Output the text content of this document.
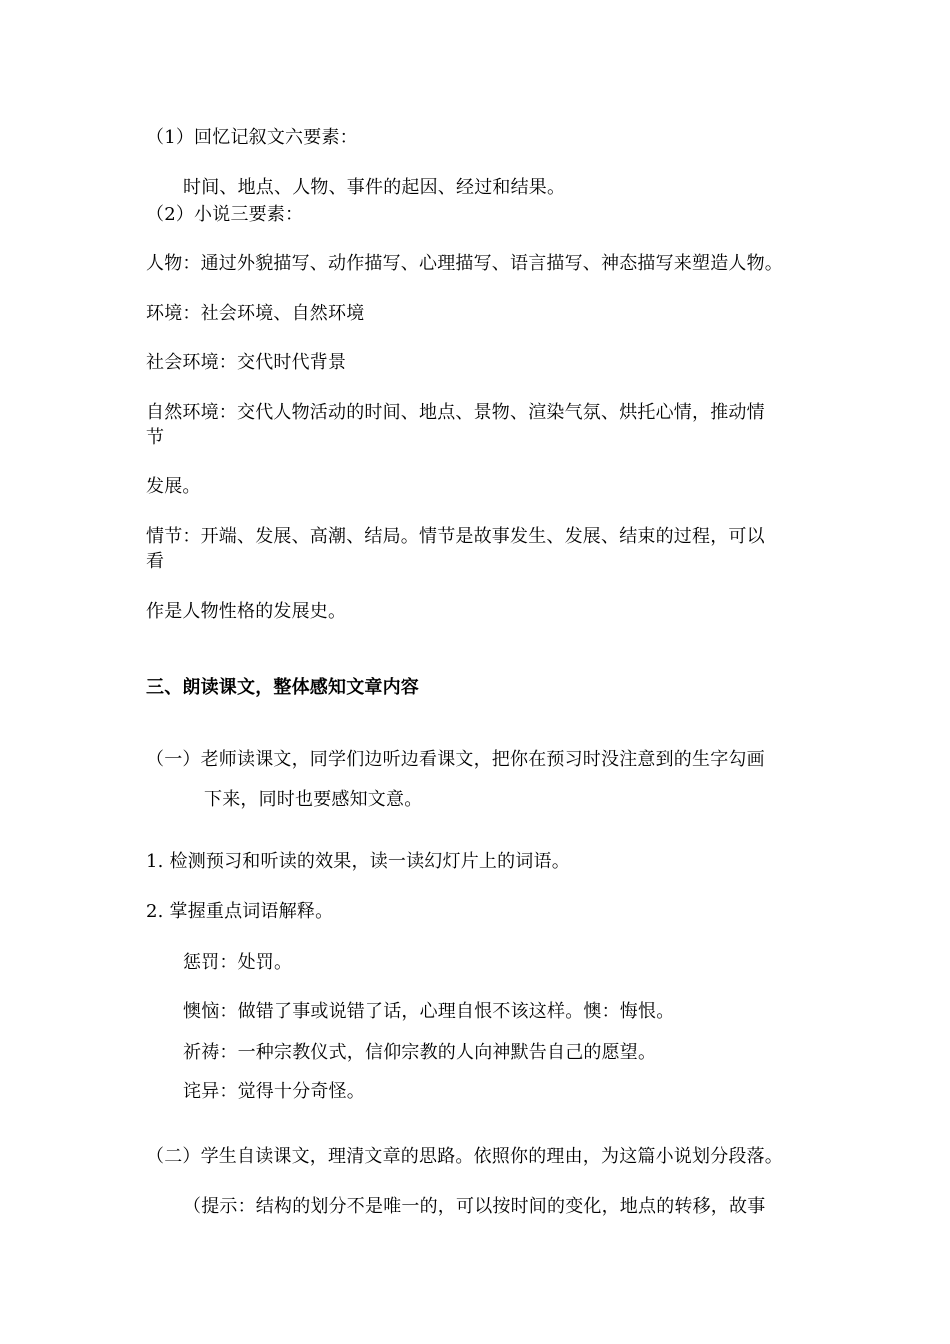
（1）回忆记叙文六要素：
时间、地点、人物、事件的起因、经过和结果。
（2）小说三要素：
人物：通过外貌描写、动作描写、心理描写、语言描写、神态描写来塑造人物。
环境：社会环境、自然环境
社会环境：交代时代背景
自然环境：交代人物活动的时间、地点、景物、渲染气氛、烘托心情，推动情
节
发展。
情节：开端、发展、高潮、结局。情节是故事发生、发展、结束的过程，可以
看
作是人物性格的发展史。
三、朗读课文，整体感知文章内容
（一）老师读课文，同学们边听边看课文，把你在预习时没注意到的生字勾画
下来，同时也要感知文意。
1. 检测预习和听读的效果，读一读幻灯片上的词语。
2. 掌握重点词语解释。
惩罚：处罚。
懊恼：做错了事或说错了话，心理自恨不该这样。懊：悔恨。
祈祷：一种宗教仪式，信仰宗教的人向神默告自己的愿望。
诧异：觉得十分奇怪。
（二）学生自读课文，理清文章的思路。依照你的理由，为这篇小说划分段落。
（提示：结构的划分不是唯一的，可以按时间的变化，地点的转移，故事
